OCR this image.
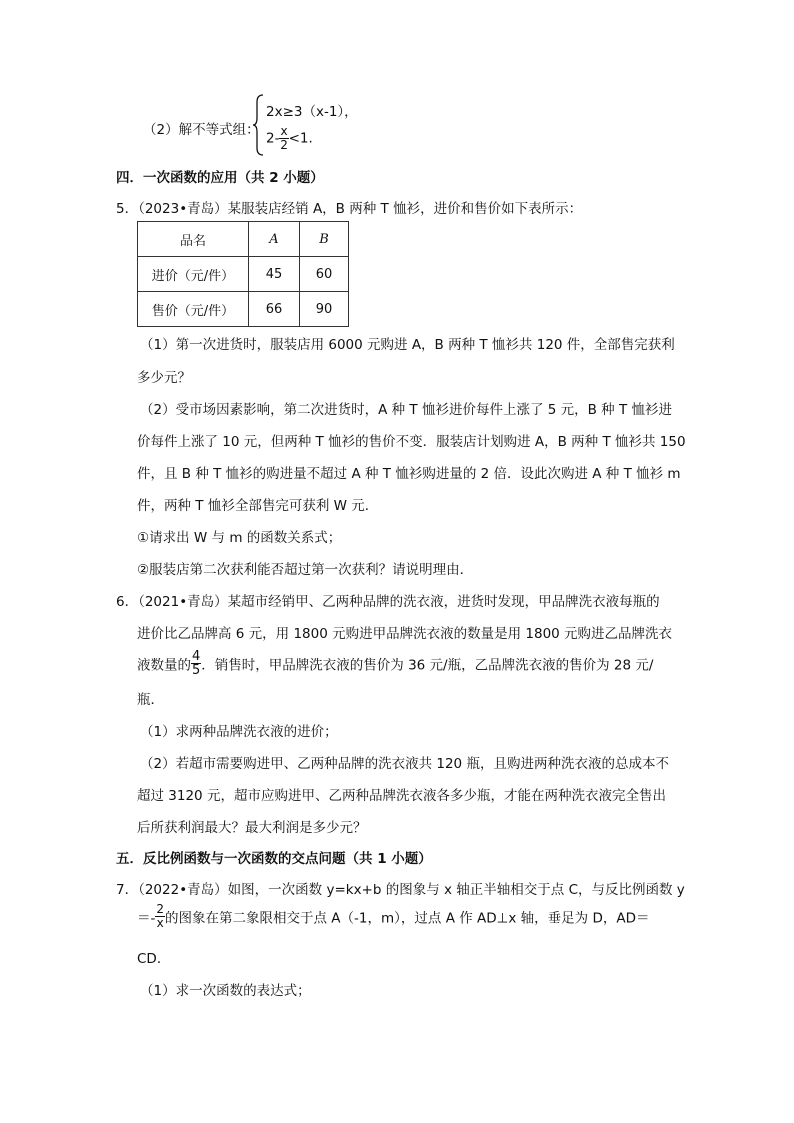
（2）解不等式组：
2x≥3（x-1），
$2- \frac{x}{2} <1$.
四．一次函数的应用（共 2 小题）
5．（2023•青岛）某服装店经销 A，B 两种 T 恤衫，进价和售价如下表所示：
品名	A	B
进价（元/件）	45	60
售价（元/件）	66	90
（1）第一次进货时，服装店用 6000 元购进 A，B 两种 T 恤衫共 120 件，全部售完获利
多少元？
（2）受市场因素影响，第二次进货时，A 种 T 恤衫进价每件上涨了 5 元，B 种 T 恤衫进
价每件上涨了 10 元，但两种 T 恤衫的售价不变．服装店计划购进 A，B 两种 T 恤衫共 150
件，且 B 种 T 恤衫的购进量不超过 A 种 T 恤衫购进量的 2 倍．设此次购进 A 种 T 恤衫 m
件，两种 T 恤衫全部售完可获利 W 元．
①请求出 W 与 m 的函数关系式；
②服装店第二次获利能否超过第一次获利？请说明理由．
6．（2021•青岛）某超市经销甲、乙两种品牌的洗衣液，进货时发现，甲品牌洗衣液每瓶的
进价比乙品牌高 6 元，用 1800 元购进甲品牌洗衣液的数量是用 1800 元购进乙品牌洗衣
液数量的 $\frac{4}{5}$ ．销售时，甲品牌洗衣液的售价为 36 元/瓶，乙品牌洗衣液的售价为 28 元/
瓶．
（1）求两种品牌洗衣液的进价；
（2）若超市需要购进甲、乙两种品牌的洗衣液共 120 瓶，且购进两种洗衣液的总成本不
超过 3120 元，超市应购进甲、乙两种品牌洗衣液各多少瓶，才能在两种洗衣液完全售出
后所获利润最大？最大利润是多少元？
五．反比例函数与一次函数的交点问题（共 1 小题）
7．（2022•青岛）如图，一次函数 y=kx+b 的图象与 x 轴正半轴相交于点 C，与反比例函数 y
＝- $\frac{2}{x}$ 的图象在第二象限相交于点 A（-1，m），过点 A 作 AD⊥x 轴，垂足为 D，AD＝
CD．
（1）求一次函数的表达式；
